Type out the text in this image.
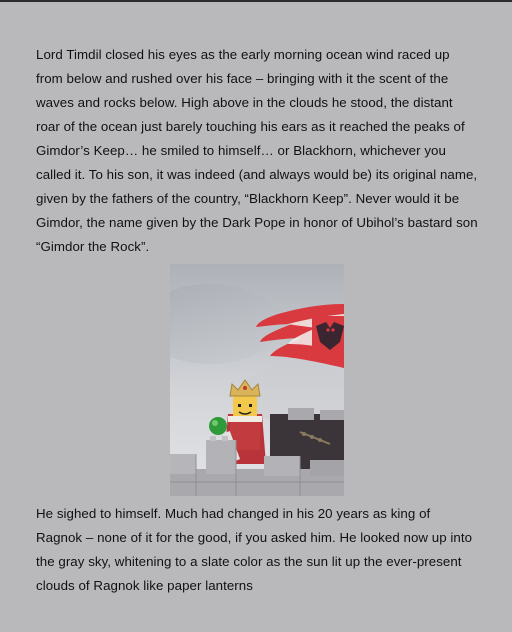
Lord Timdil closed his eyes as the early morning ocean wind raced up from below and rushed over his face – bringing with it the scent of the waves and rocks below. High above in the clouds he stood, the distant roar of the ocean just barely touching his ears as it reached the peaks of Gimdor’s Keep… he smiled to himself… or Blackhorn, whichever you called it. To his son, it was indeed (and always would be) its original name, given by the fathers of the country, “Blackhorn Keep”. Never would it be Gimdor, the name given by the Dark Pope in honor of Ubihol’s bastard son “Gimdor the Rock”.

He sighed to himself. Much had changed in his 20 years as king of Ragnok – none of it for the good, if you asked him. He looked now up into the gray sky, whitening to a slate color as the sun lit up the ever-present clouds of Ragnok like paper lanterns
